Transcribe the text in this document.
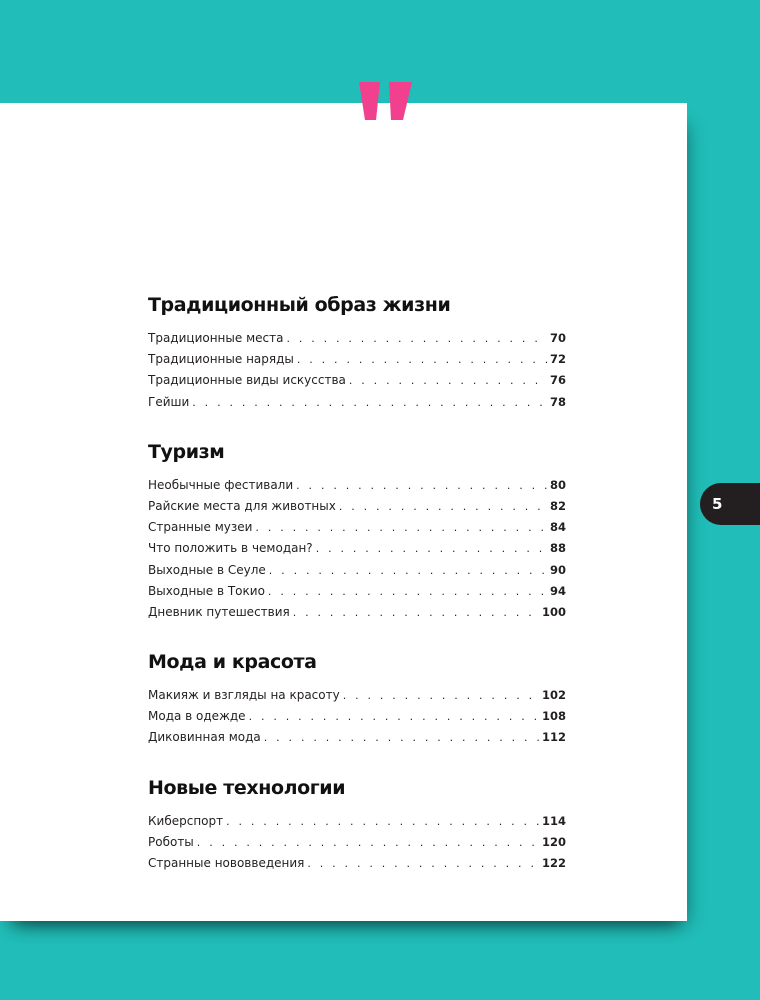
5
Традиционный образ жизни
Традиционные места . . .	70
Традиционные наряды . . .	72
Традиционные виды искусства . . .	76
Гейши . . .	78
Туризм
Необычные фестивали . . .	80
Райские места для животных . . .	82
Странные музеи . . .	84
Что положить в чемодан? . . .	88
Выходные в Сеуле . . .	90
Выходные в Токио . . .	94
Дневник путешествия . . .	100
Мода и красота
Макияж и взгляды на красоту . . .	102
Мода в одежде . . .	108
Диковинная мода . . .	112
Новые технологии
Киберспорт . . .	114
Роботы . . .	120
Странные нововведения . . .	122
